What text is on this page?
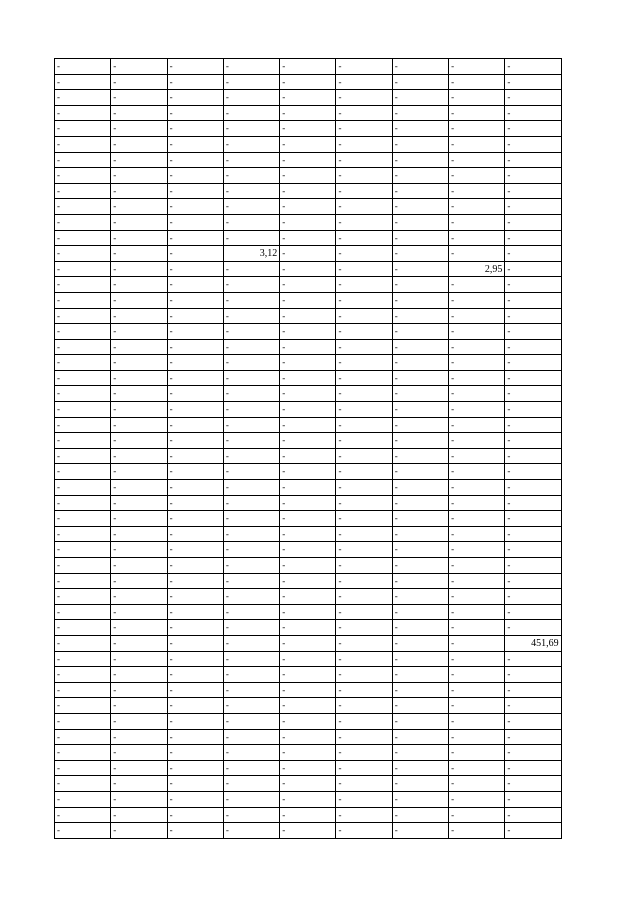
-	-	-	-	-	-	-	-	-

-	-	-	-	-	-	-	-	-

-	-	-	-	-	-	-	-	-

-	-	-	-	-	-	-	-	-

-	-	-	-	-	-	-	-	-

-	-	-	-	-	-	-	-	-

-	-	-	-	-	-	-	-	-

-	-	-	-	-	-	-	-	-

-	-	-	-	-	-	-	-	-

-	-	-	-	-	-	-	-	-

-	-	-	-	-	-	-	-	-

-	-	-	-	-	-	-	-	-

-	-	-	3,12	-	-	-	-	-

-	-	-	-	-	-	-	2,95	-

-	-	-	-	-	-	-	-	-

-	-	-	-	-	-	-	-	-

-	-	-	-	-	-	-	-	-

-	-	-	-	-	-	-	-	-

-	-	-	-	-	-	-	-	-

-	-	-	-	-	-	-	-	-

-	-	-	-	-	-	-	-	-

-	-	-	-	-	-	-	-	-

-	-	-	-	-	-	-	-	-

-	-	-	-	-	-	-	-	-

-	-	-	-	-	-	-	-	-

-	-	-	-	-	-	-	-	-

-	-	-	-	-	-	-	-	-

-	-	-	-	-	-	-	-	-

-	-	-	-	-	-	-	-	-

-	-	-	-	-	-	-	-	-

-	-	-	-	-	-	-	-	-

-	-	-	-	-	-	-	-	-

-	-	-	-	-	-	-	-	-

-	-	-	-	-	-	-	-	-

-	-	-	-	-	-	-	-	-

-	-	-	-	-	-	-	-	-

-	-	-	-	-	-	-	-	-

-	-	-	-	-	-	-	-	451,69

-	-	-	-	-	-	-	-	-

-	-	-	-	-	-	-	-	-

-	-	-	-	-	-	-	-	-

-	-	-	-	-	-	-	-	-

-	-	-	-	-	-	-	-	-

-	-	-	-	-	-	-	-	-

-	-	-	-	-	-	-	-	-

-	-	-	-	-	-	-	-	-

-	-	-	-	-	-	-	-	-

-	-	-	-	-	-	-	-	-

-	-	-	-	-	-	-	-	-

-	-	-	-	-	-	-	-	-
